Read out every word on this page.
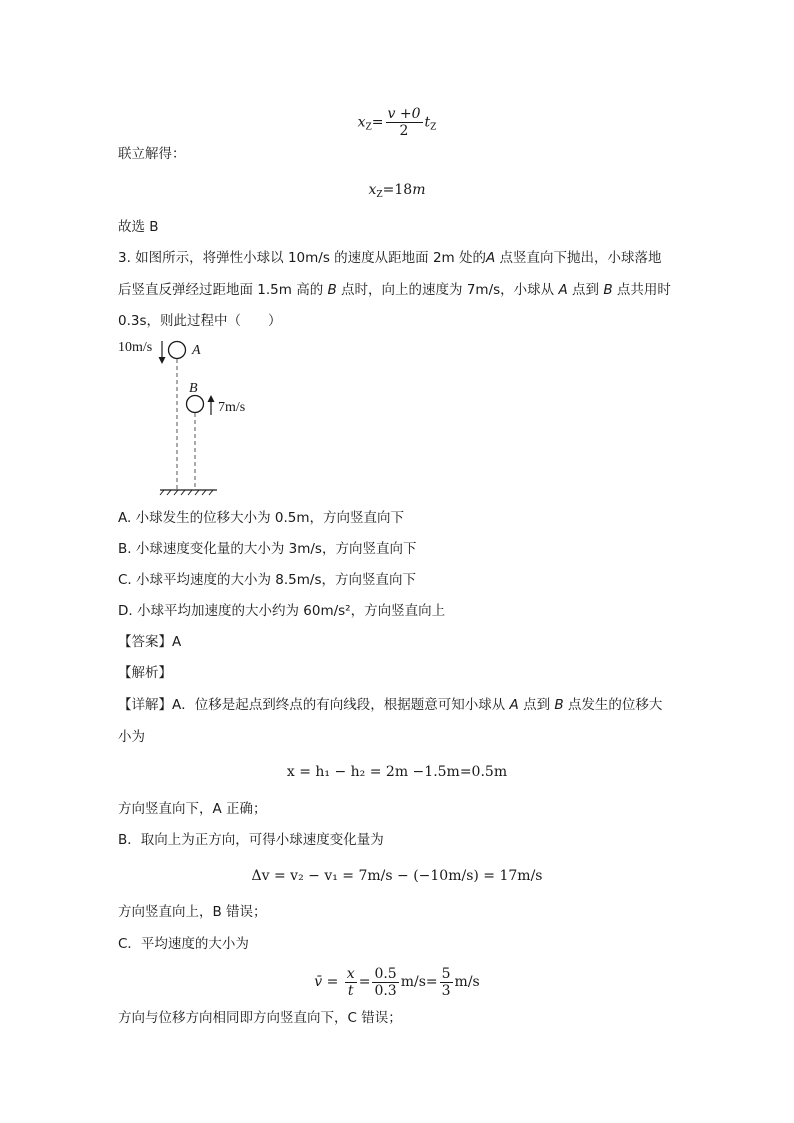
$x_Z= \frac{v +0}{2} t_Z$
联立解得：
$x_Z=18m$
故选 B
3. 如图所示，将弹性小球以 10m/s 的速度从距地面 2m 处的A 点竖直向下抛出，小球落地
后竖直反弹经过距地面 1.5m 高的 B 点时，向上的速度为 7m/s，小球从 A 点到 B 点共用时
0.3s，则此过程中（　　）
10m/s	A
B
7m/s
A. 小球发生的位移大小为 0.5m，方向竖直向下
B. 小球速度变化量的大小为 3m/s，方向竖直向下
C. 小球平均速度的大小为 8.5m/s，方向竖直向下
D. 小球平均加速度的大小约为 60m/s²，方向竖直向上
【答案】A
【解析】
【详解】A．位移是起点到终点的有向线段，根据题意可知小球从 A 点到 B 点发生的位移大
小为
x = h₁ − h₂ = 2m −1.5m=0.5m
方向竖直向下，A 正确；
B．取向上为正方向，可得小球速度变化量为
Δv = v₂ − v₁ = 7m/s − (−10m/s) = 17m/s
方向竖直向上，B 错误；
C．平均速度的大小为
v̄ = $\frac{x}{t} = \frac{0.5}{0.3} m/s= \frac{5}{3} m/s$
方向与位移方向相同即方向竖直向下，C 错误；
